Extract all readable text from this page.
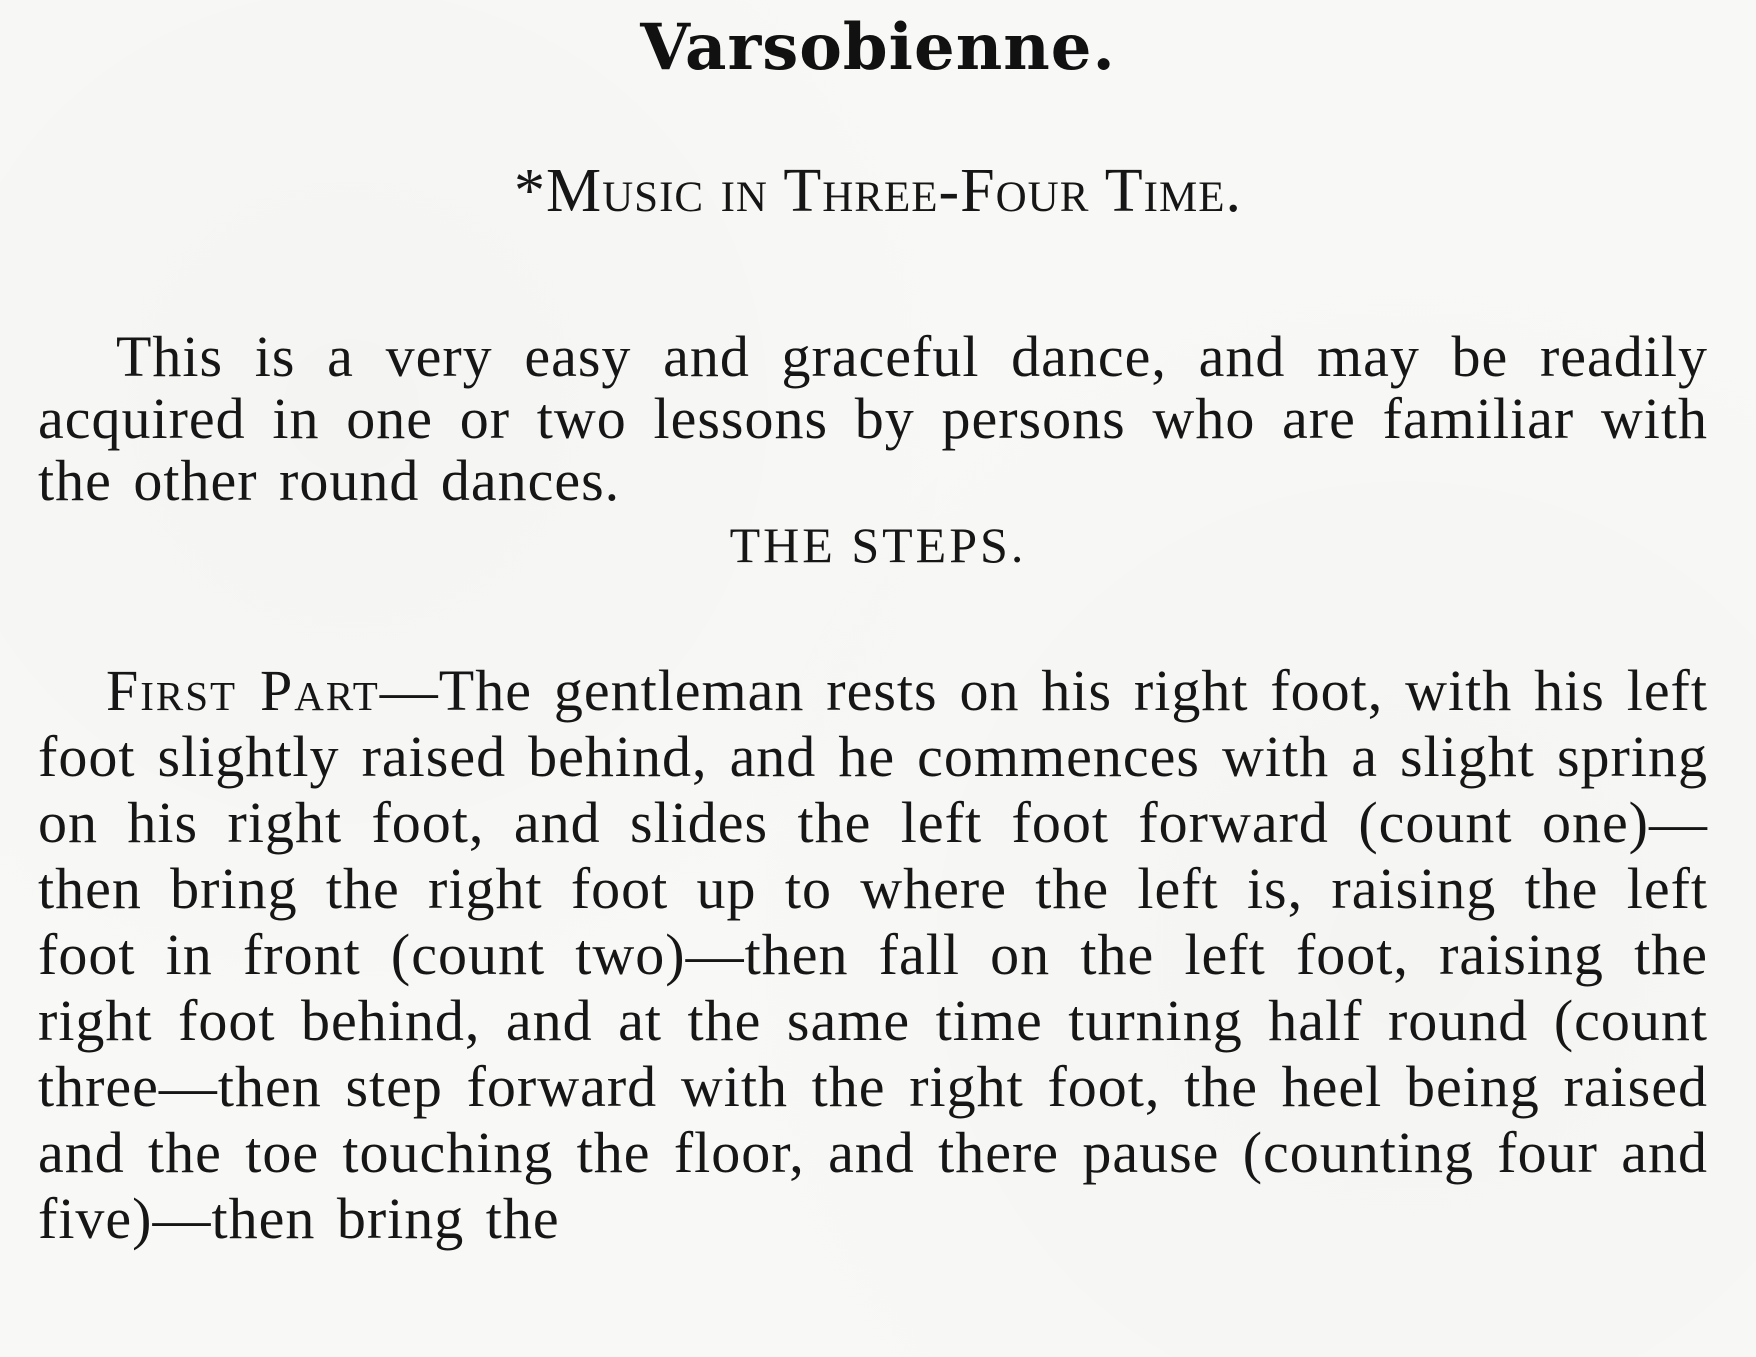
Varsobienne.
*Music in Three-Four Time.

This is a very easy and graceful dance, and may be readily acquired in one or two lessons by persons who are familiar with the other round dances.

THE STEPS.

First Part—The gentleman rests on his right foot, with his left foot slightly raised behind, and he commences with a slight spring on his right foot, and slides the left foot forward (count one)—then bring the right foot up to where the left is, raising the left foot in front (count two)—then fall on the left foot, raising the right foot behind, and at the same time turning half round (count three—then step forward with the right foot, the heel being raised and the toe touching the floor, and there pause (counting four and five)—then bring the
